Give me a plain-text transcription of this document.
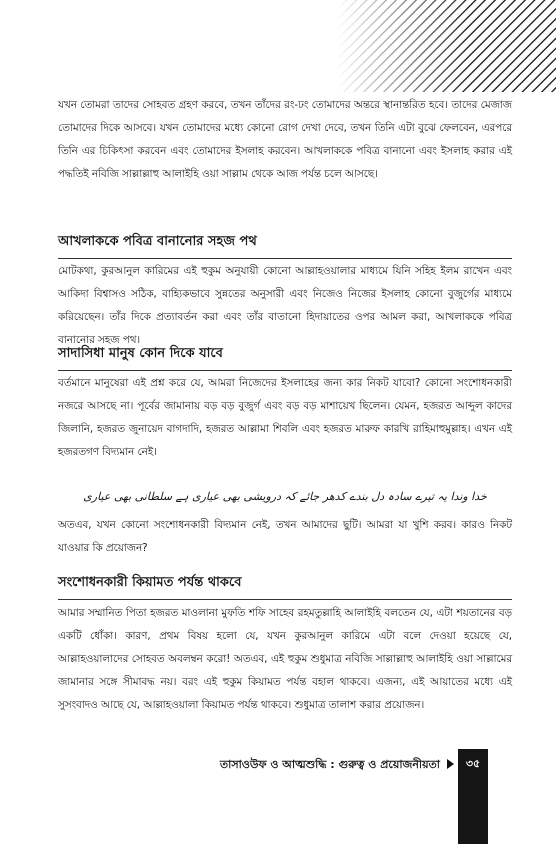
যখন তোমরা তাদের সোহবত গ্রহণ করবে, তখন তাঁদের রং-ঢং তোমাদের অন্তরে স্থানান্তরিত হবে। তাদের মেজাজ তোমাদের দিকে আসবে। যখন তোমাদের মধ্যে কোনো রোগ দেখা দেবে, তখন তিনি এটা বুঝে ফেলবেন, এরপরে তিনি এর চিকিৎসা করবেন এবং তোমাদের ইসলাহ করবেন। আখলাককে পবিত্র বানানো এবং ইসলাহ করার এই পদ্ধতিই নবিজি সাল্লাল্লাহু আলাইহি ওয়া সাল্লাম থেকে আজ পর্যন্ত চলে আসছে।

আখলাককে পবিত্র বানানোর সহজ পথ

মোটকথা, কুরআনুল কারিমের এই হুকুম অনুযায়ী কোনো আল্লাহওয়ালার মাধ্যমে যিনি সহিহ ইলম রাখেন এবং আকিদা বিশ্বাসও সঠিক, বাহ্যিকভাবে সুন্নতের অনুসারী এবং নিজেও নিজের ইসলাহ কোনো বুজুর্গের মাধ্যমে করিয়েছেন। তাঁর দিকে প্রত্যাবর্তন করা এবং তাঁর বাতানো হিদায়াতের ওপর আমল করা, আখলাককে পবিত্র বানানোর সহজ পথ।

সাদাসিধা মানুষ কোন দিকে যাবে

বর্তমানে মানুষেরা এই প্রশ্ন করে যে, আমরা নিজেদের ইসলাহের জন্য কার নিকট যাবো? কোনো সংশোধনকারী নজরে আসছে না। পূর্বের জামানায় বড় বড় বুজুর্গ এবং বড় বড় মাশায়েখ ছিলেন। যেমন, হজরত আব্দুল কাদের জিলানি, হজরত জুনায়েদ বাগদাদি, হজরত আল্লামা শিবলি এবং হজরত মারুফ কারখি রাহিমাহুমুল্লাহ। এখন এই হজরতগণ বিদ্যমান নেই।

خدا وندا یہ تیرے سادہ دل بندے کدھر جائے کہ درویشی بھی عیاری ہے سلطانی بھی عیاری

অতএব, যখন কোনো সংশোধনকারী বিদ্যমান নেই, তখন আমাদের ছুটি। আমরা যা খুশি করব। কারও নিকট যাওয়ার কি প্রয়োজন?

সংশোধনকারী কিয়ামত পর্যন্ত থাকবে

আমার সম্মানিত পিতা হজরত মাওলানা মুফতি শফি সাহেব রহমতুল্লাহি আলাইহি বলতেন যে, এটা শয়তানের বড় একটি ধোঁকা। কারণ, প্রথম বিষয় হলো যে, যখন কুরআনুল কারিমে এটা বলে দেওয়া হয়েছে যে, আল্লাহওয়ালাদের সোহবত অবলম্বন করো! অতএব, এই হুকুম শুধুমাত্র নবিজি সাল্লাল্লাহু আলাইহি ওয়া সাল্লামের জামানার সঙ্গে সীমাবদ্ধ নয়। বরং এই হুকুম কিয়ামত পর্যন্ত বহাল থাকবে। এজন্য, এই আয়াতের মধ্যে এই সুসংবাদও আছে যে, আল্লাহওয়ালা কিয়ামত পর্যন্ত থাকবে। শুধুমাত্র তালাশ করার প্রয়োজন।

তাসাওউফ ও আত্মশুদ্ধি : গুরুত্ব ও প্রয়োজনীয়তা	৩৫
